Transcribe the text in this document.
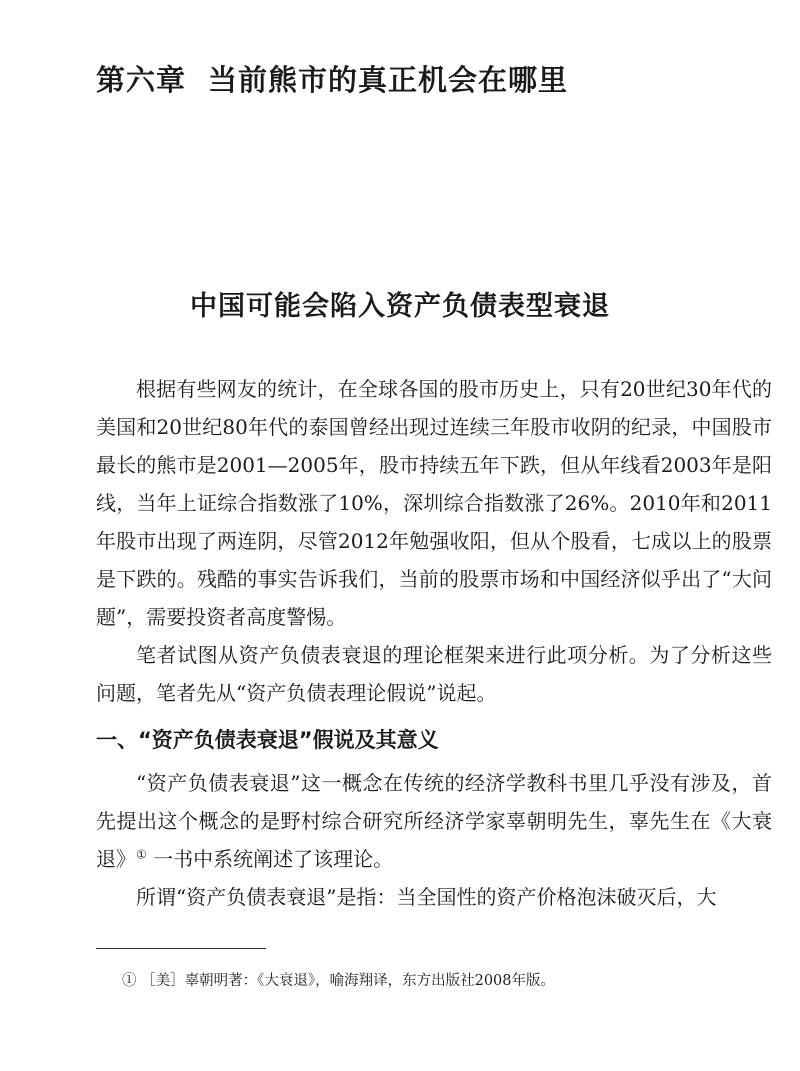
第六章 当前熊市的真正机会在哪里
中国可能会陷入资产负债表型衰退

根据有些网友的统计，在全球各国的股市历史上，只有20世纪30年代的美国和20世纪80年代的泰国曾经出现过连续三年股市收阴的纪录，中国股市最长的熊市是2001—2005年，股市持续五年下跌，但从年线看2003年是阳线，当年上证综合指数涨了10%，深圳综合指数涨了26%。2010年和2011年股市出现了两连阴，尽管2012年勉强收阳，但从个股看，七成以上的股票是下跌的。残酷的事实告诉我们，当前的股票市场和中国经济似乎出了“大问题”，需要投资者高度警惕。

笔者试图从资产负债表衰退的理论框架来进行此项分析。为了分析这些问题，笔者先从“资产负债表理论假说”说起。

一、“资产负债表衰退”假说及其意义

“资产负债表衰退”这一概念在传统的经济学教科书里几乎没有涉及，首先提出这个概念的是野村综合研究所经济学家辜朝明先生，辜先生在《大衰退》① 一书中系统阐述了该理论。

所谓“资产负债表衰退”是指：当全国性的资产价格泡沫破灭后，大

① ［美］辜朝明著：《大衰退》，喻海翔译，东方出版社2008年版。
